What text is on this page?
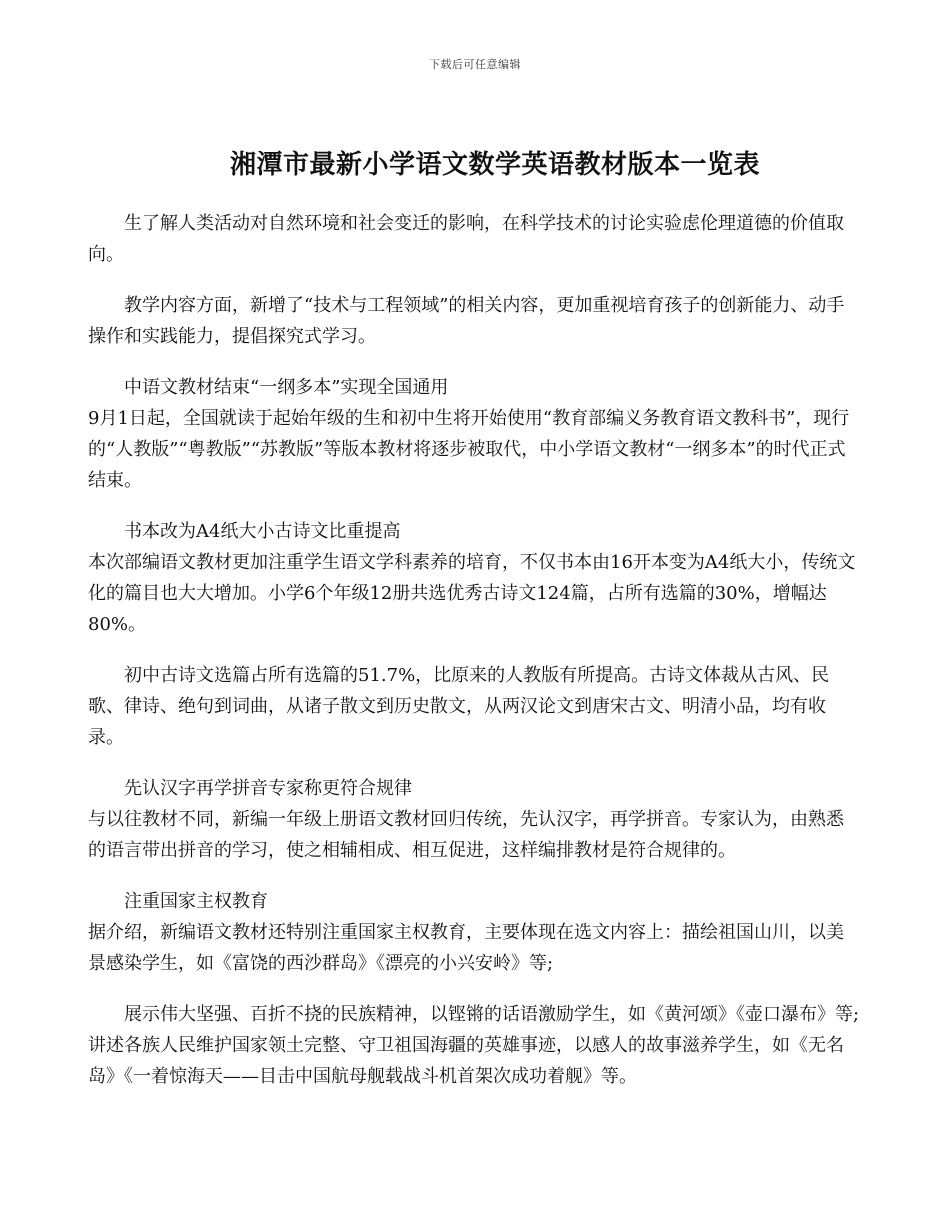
下载后可任意编辑
湘潭市最新小学语文数学英语教材版本一览表

生了解人类活动对自然环境和社会变迁的影响，在科学技术的讨论实验虑伦理道德的价值取向。

教学内容方面，新增了“技术与工程领域”的相关内容，更加重视培育孩子的创新能力、动手操作和实践能力，提倡探究式学习。

中语文教材结束“一纲多本”实现全国通用
9月1日起，全国就读于起始年级的生和初中生将开始使用“教育部编义务教育语文教科书”，现行的“人教版”“粤教版”“苏教版”等版本教材将逐步被取代，中小学语文教材“一纲多本”的时代正式结束。

书本改为A4纸大小古诗文比重提高
本次部编语文教材更加注重学生语文学科素养的培育，不仅书本由16开本变为A4纸大小，传统文化的篇目也大大增加。小学6个年级12册共选优秀古诗文124篇，占所有选篇的30%，增幅达80%。

初中古诗文选篇占所有选篇的51.7%，比原来的人教版有所提高。古诗文体裁从古风、民歌、律诗、绝句到词曲，从诸子散文到历史散文，从两汉论文到唐宋古文、明清小品，均有收录。

先认汉字再学拼音专家称更符合规律
与以往教材不同，新编一年级上册语文教材回归传统，先认汉字，再学拼音。专家认为，由熟悉的语言带出拼音的学习，使之相辅相成、相互促进，这样编排教材是符合规律的。

注重国家主权教育
据介绍，新编语文教材还特别注重国家主权教育，主要体现在选文内容上：描绘祖国山川，以美景感染学生，如《富饶的西沙群岛》《漂亮的小兴安岭》等;

展示伟大坚强、百折不挠的民族精神，以铿锵的话语激励学生，如《黄河颂》《壶口瀑布》等;讲述各族人民维护国家领土完整、守卫祖国海疆的英雄事迹，以感人的故事滋养学生，如《无名岛》《一着惊海天——目击中国航母舰载战斗机首架次成功着舰》等。
